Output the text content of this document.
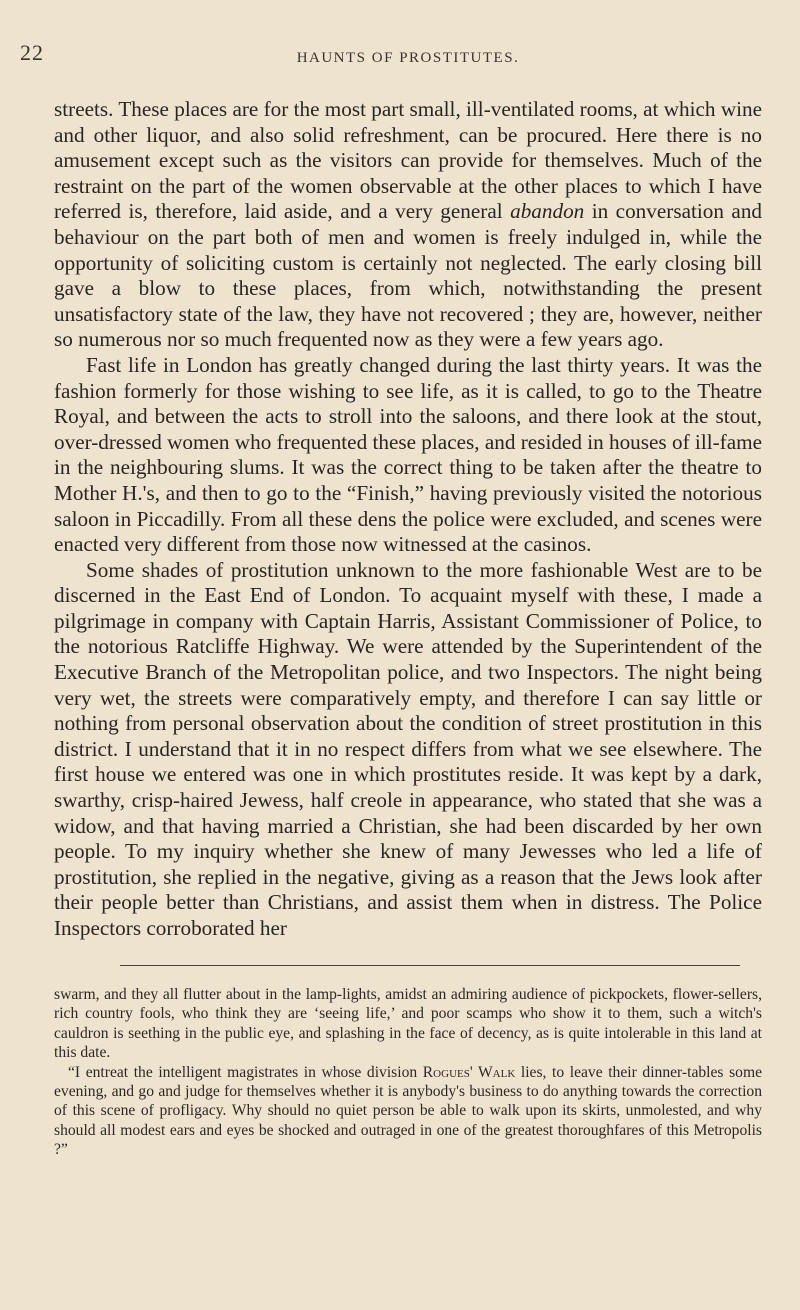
22	HAUNTS OF PROSTITUTES.

streets. These places are for the most part small, ill-ventilated rooms, at which wine and other liquor, and also solid refreshment, can be procured. Here there is no amusement except such as the visitors can provide for themselves. Much of the restraint on the part of the women observable at the other places to which I have referred is, therefore, laid aside, and a very general abandon in conversation and behaviour on the part both of men and women is freely indulged in, while the opportunity of soliciting custom is certainly not neglected. The early closing bill gave a blow to these places, from which, notwithstanding the present unsatisfactory state of the law, they have not recovered ; they are, however, neither so numerous nor so much frequented now as they were a few years ago.

Fast life in London has greatly changed during the last thirty years. It was the fashion formerly for those wishing to see life, as it is called, to go to the Theatre Royal, and between the acts to stroll into the saloons, and there look at the stout, over-dressed women who frequented these places, and resided in houses of ill-fame in the neighbouring slums. It was the correct thing to be taken after the theatre to Mother H.'s, and then to go to the “Finish,” having previously visited the notorious saloon in Piccadilly. From all these dens the police were excluded, and scenes were enacted very different from those now witnessed at the casinos.

Some shades of prostitution unknown to the more fashionable West are to be discerned in the East End of London. To acquaint myself with these, I made a pilgrimage in company with Captain Harris, Assistant Commissioner of Police, to the notorious Ratcliffe Highway. We were attended by the Superintendent of the Executive Branch of the Metropolitan police, and two Inspectors. The night being very wet, the streets were comparatively empty, and therefore I can say little or nothing from personal observation about the condition of street prostitution in this district. I understand that it in no respect differs from what we see elsewhere. The first house we entered was one in which prostitutes reside. It was kept by a dark, swarthy, crisp-haired Jewess, half creole in appearance, who stated that she was a widow, and that having married a Christian, she had been discarded by her own people. To my inquiry whether she knew of many Jewesses who led a life of prostitution, she replied in the negative, giving as a reason that the Jews look after their people better than Christians, and assist them when in distress. The Police Inspectors corroborated her

swarm, and they all flutter about in the lamp-lights, amidst an admiring audience of pickpockets, flower-sellers, rich country fools, who think they are ‘seeing life,’ and poor scamps who show it to them, such a witch's cauldron is seething in the public eye, and splashing in the face of decency, as is quite intolerable in this land at this date.

“I entreat the intelligent magistrates in whose division Rogues' Walk lies, to leave their dinner-tables some evening, and go and judge for themselves whether it is anybody's business to do anything towards the correction of this scene of profligacy. Why should no quiet person be able to walk upon its skirts, unmolested, and why should all modest ears and eyes be shocked and outraged in one of the greatest thoroughfares of this Metropolis ?”
